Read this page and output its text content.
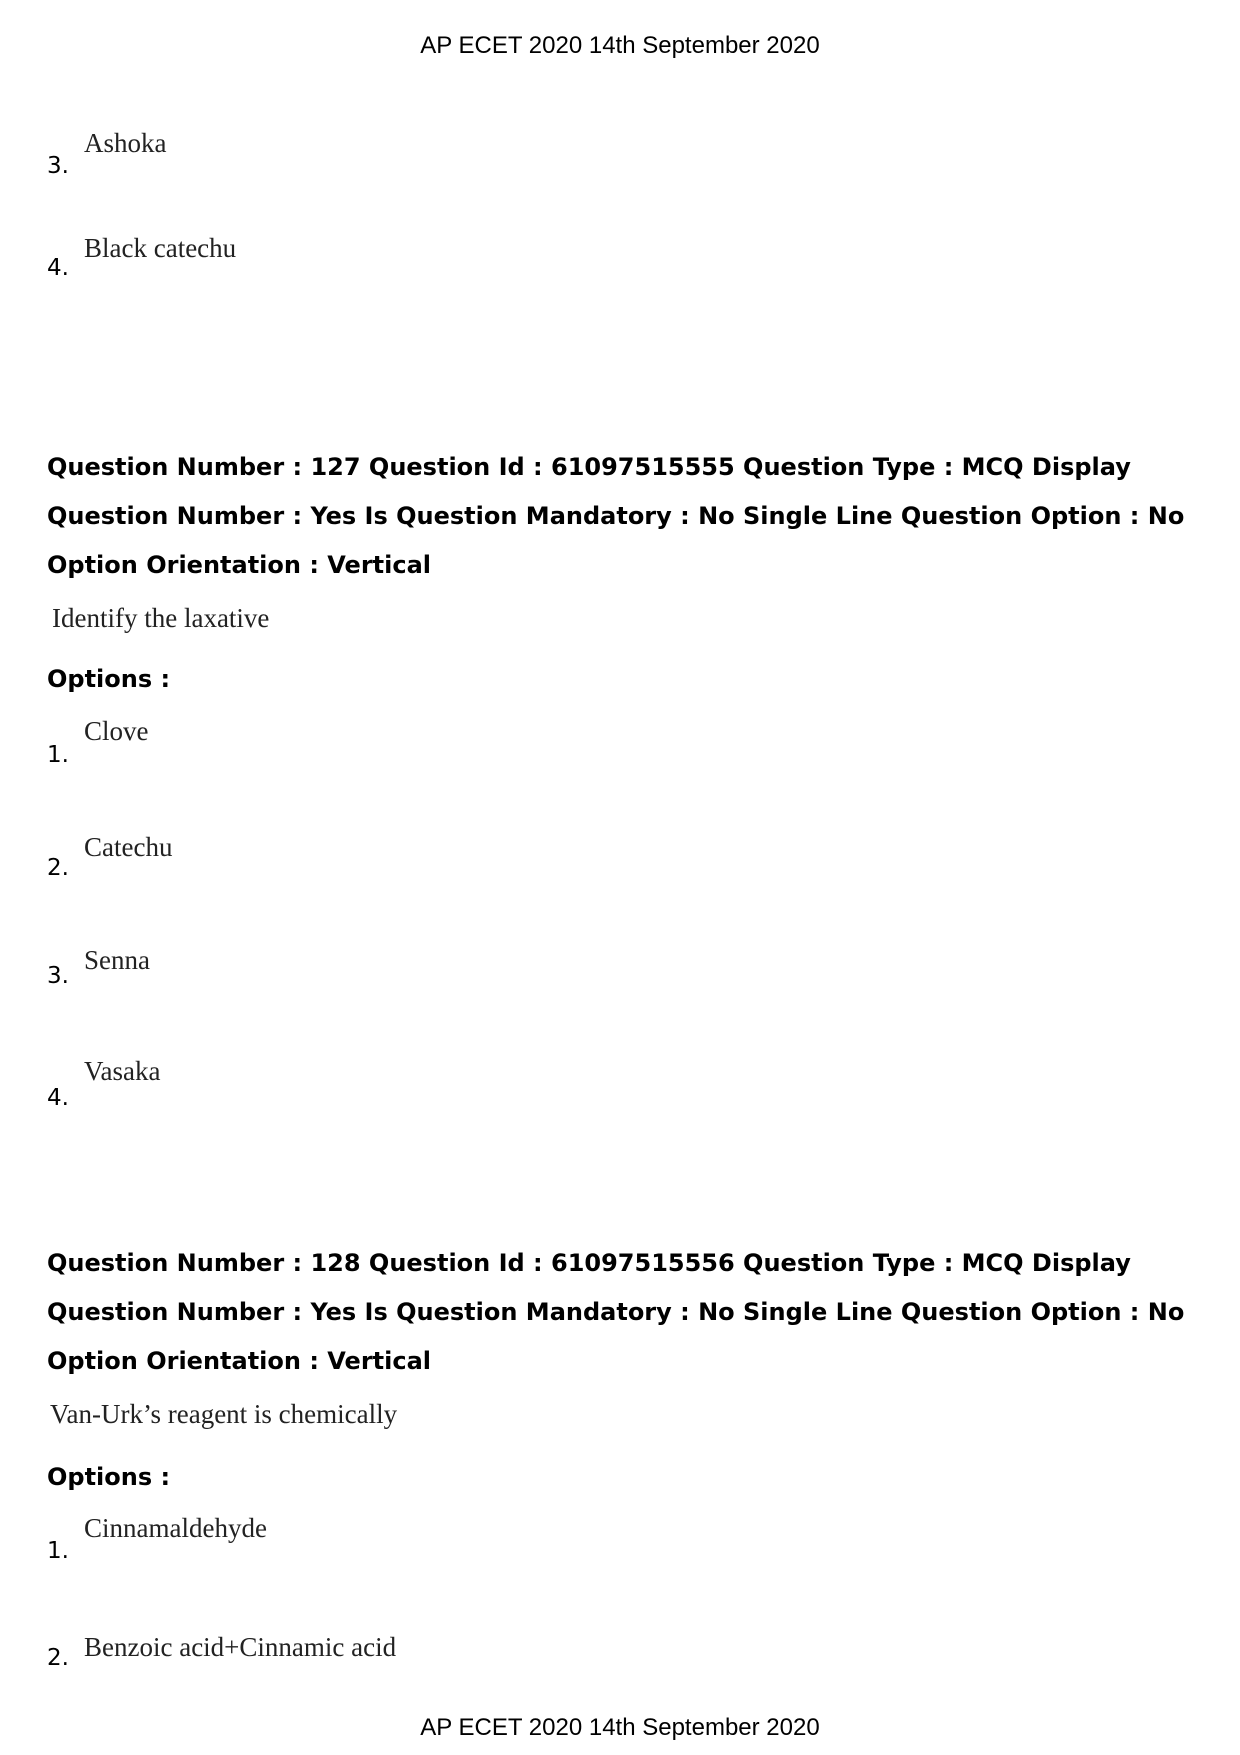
AP ECET 2020 14th September 2020
3.
Ashoka
4.
Black catechu
Question Number : 127 Question Id : 61097515555 Question Type : MCQ Display Question Number : Yes Is Question Mandatory : No Single Line Question Option : No Option Orientation : Vertical
Identify the laxative
Options :
1.
Clove
2.
Catechu
3.
Senna
4.
Vasaka
Question Number : 128 Question Id : 61097515556 Question Type : MCQ Display Question Number : Yes Is Question Mandatory : No Single Line Question Option : No Option Orientation : Vertical
Van-Urk’s reagent is chemically
Options :
1.
Cinnamaldehyde
2. Benzoic acid+Cinnamic acid
AP ECET 2020 14th September 2020
